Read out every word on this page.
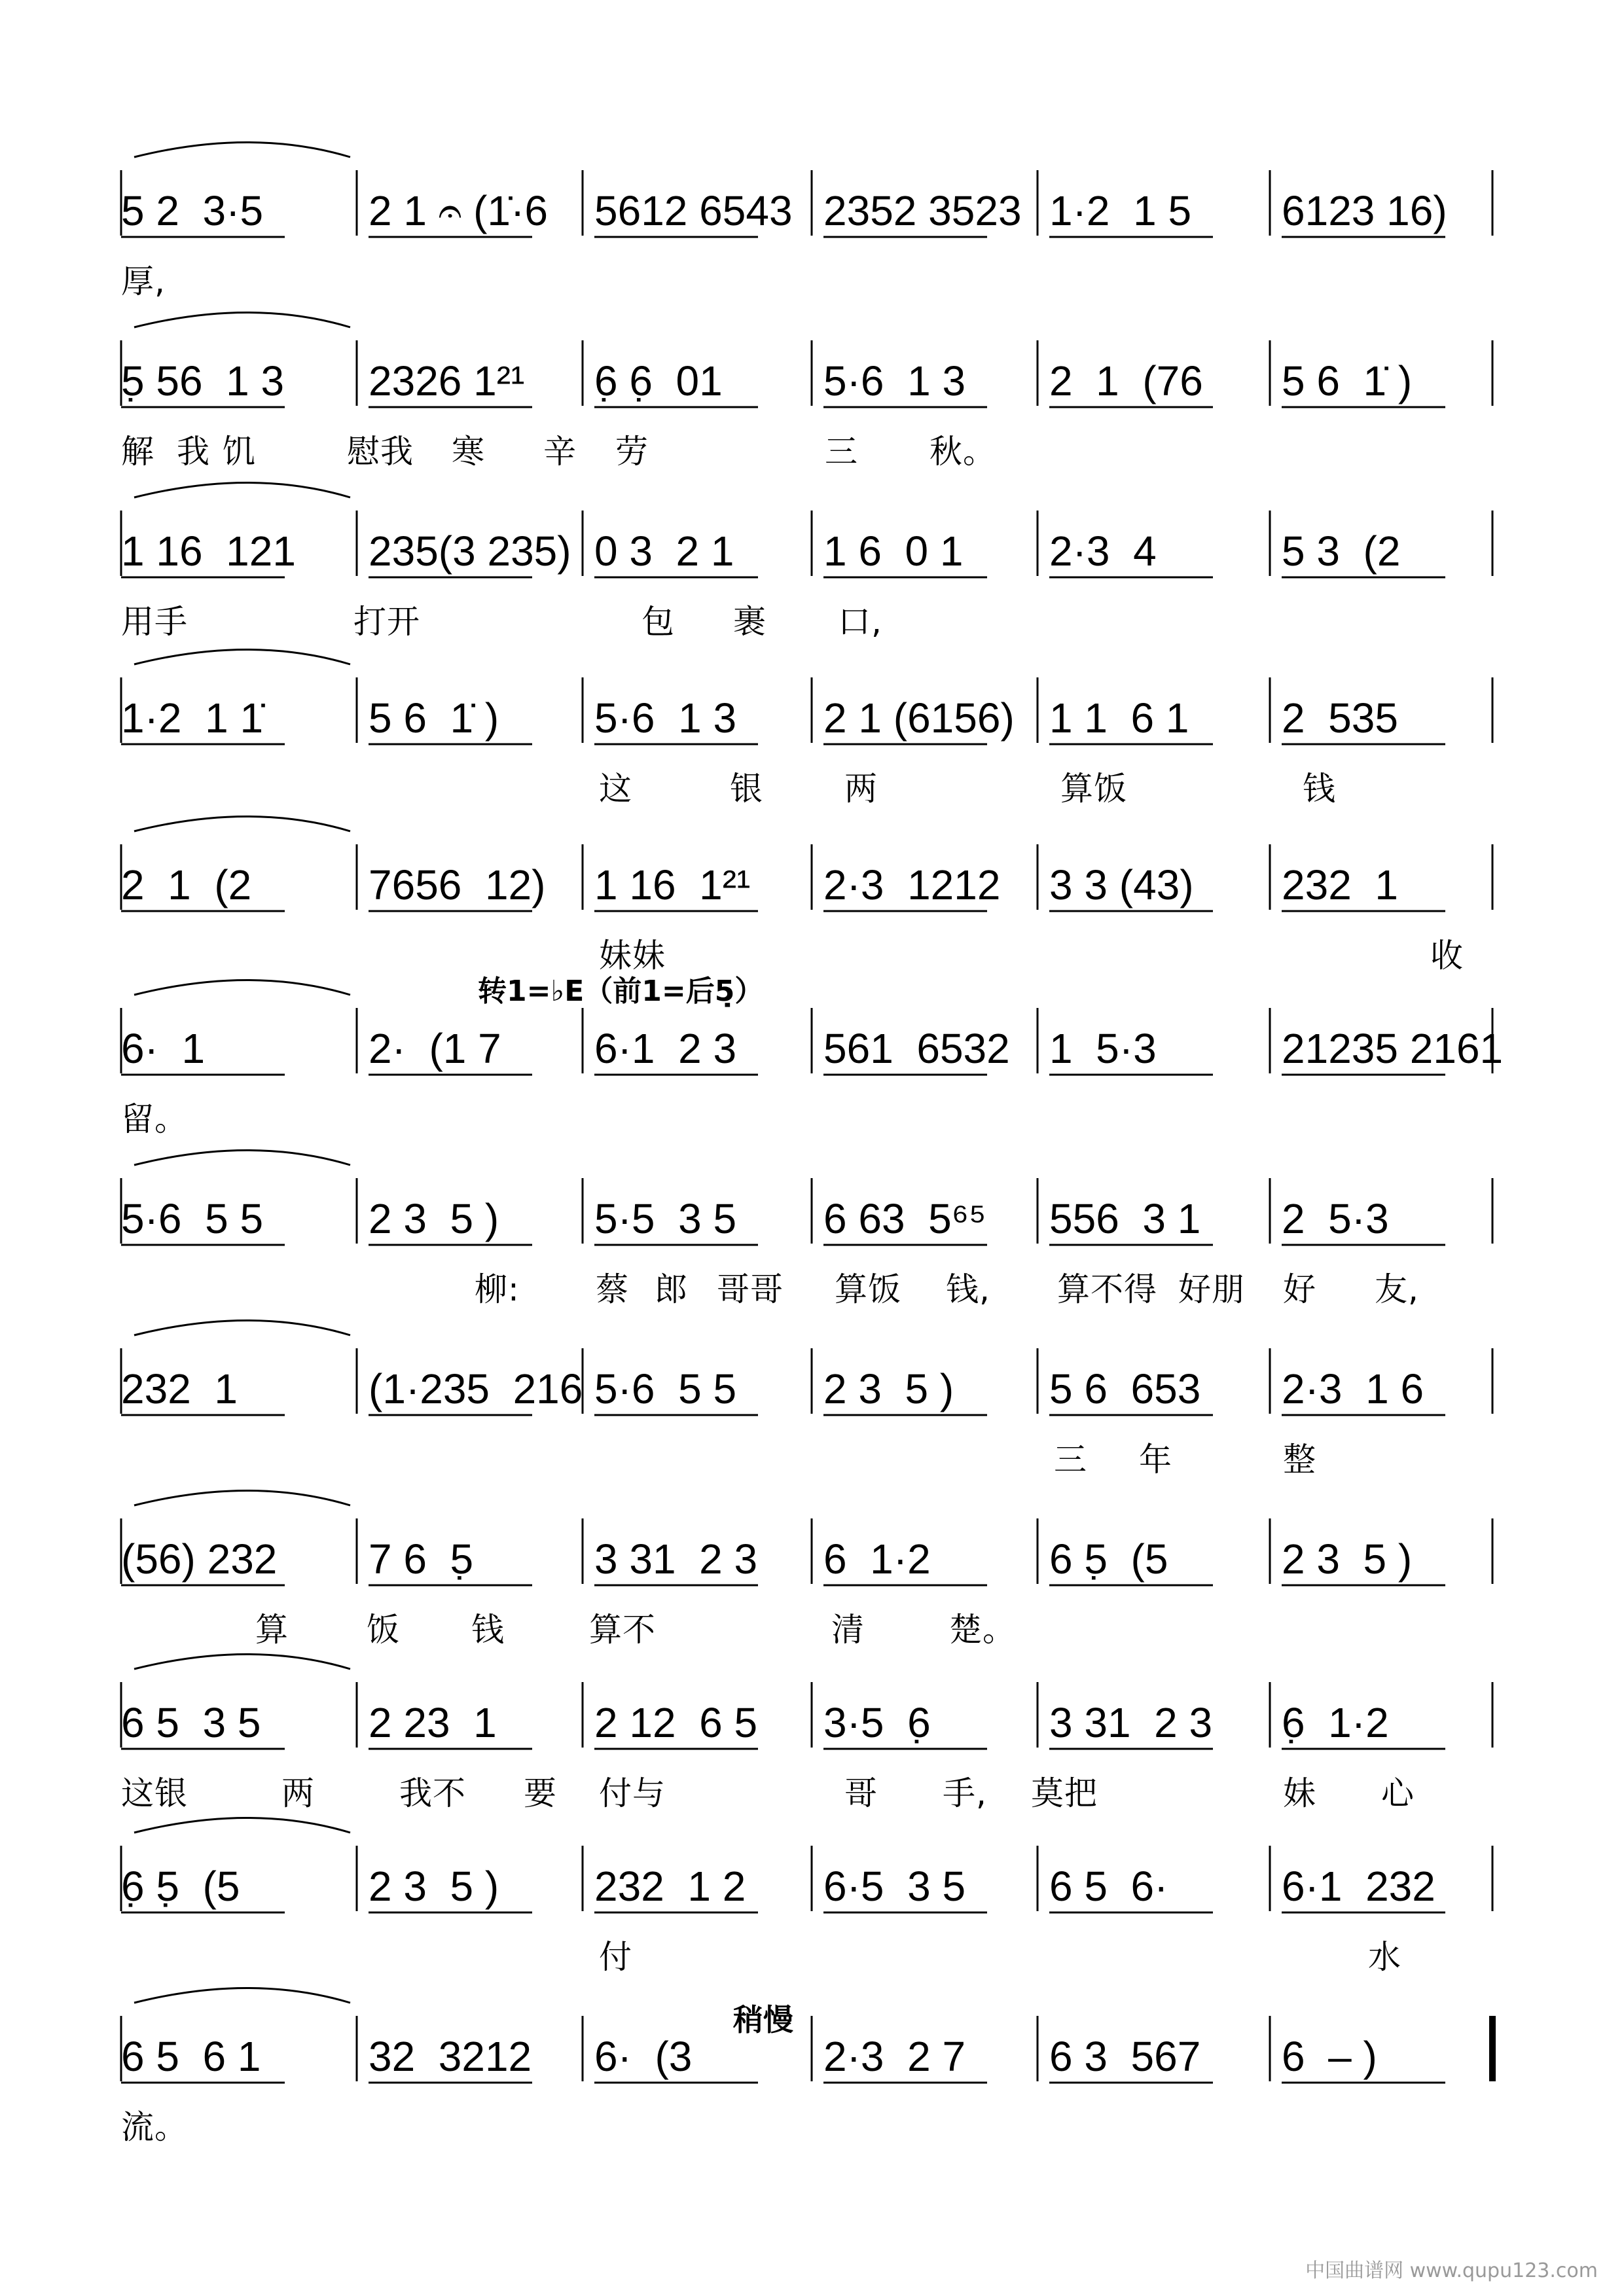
5 2  3·5	2 1 𝄐 (1̇·6 5612 6543 2352 3523 1·2  1 5 6123 16)
厚,
5̣ 56  1 3 2326 1²¹ 6̣ 6̣  01 5·6  1 3 2  1  (76 5 6  1̇ )
解 我 饥	慰我 寒 辛 劳	三 秋。
1 16  121 235(3 235) 0 3  2 1 1 6  0 1 2·3  4	5 3  (2
用手	打开	包 裹 口,
1·2  1 1̇	5 6  1̇ ) 5·6  1 3 2 1 (6156) 1 1  6 1 2  535
这	银 两	算饭	钱
2  1  (2	7656  12) 1 16  1²¹ 2·3  1212 3 3 (43) 232  1
妹妹	收
6·  1	2·  (1 7 6·1  2 3 561  6532 1  5·3	21235 2161
留。
5·6  5 5	2 3  5 ) 5·5  3 5 6 63  5⁶⁵ 556  3 1 2  5·3
柳: 蔡 郎 哥哥 算饭 钱, 算不得 好朋 好 友,
232  1	(1·235  216 5·6  5 5 2 3  5 ) 5 6  653 2·3  1 6
三 年	整
(56) 232 7 6  5̣	3 31  2 3 6  1·2	6 5̣  (5	2 3  5 )
算 饭 钱	算不	清	楚。
6 5  3 5	2 23  1 2 12  6 5 3·5  6̣	3 31  2 3 6̣  1·2
这银	两	我不 要 付与	哥 手, 莫把	妹 心
6̣ 5̣  (5	2 3  5 ) 232  1 2 6·5  3 5 6 5  6·	6·1  232
付	水
6 5  6 1	32  3212 6·  (3	2·3  2 7 6 3  567 6  – )
流。
转1=♭E（前1=后5̣）
稍慢
中国曲谱网 www.qupu123.com
